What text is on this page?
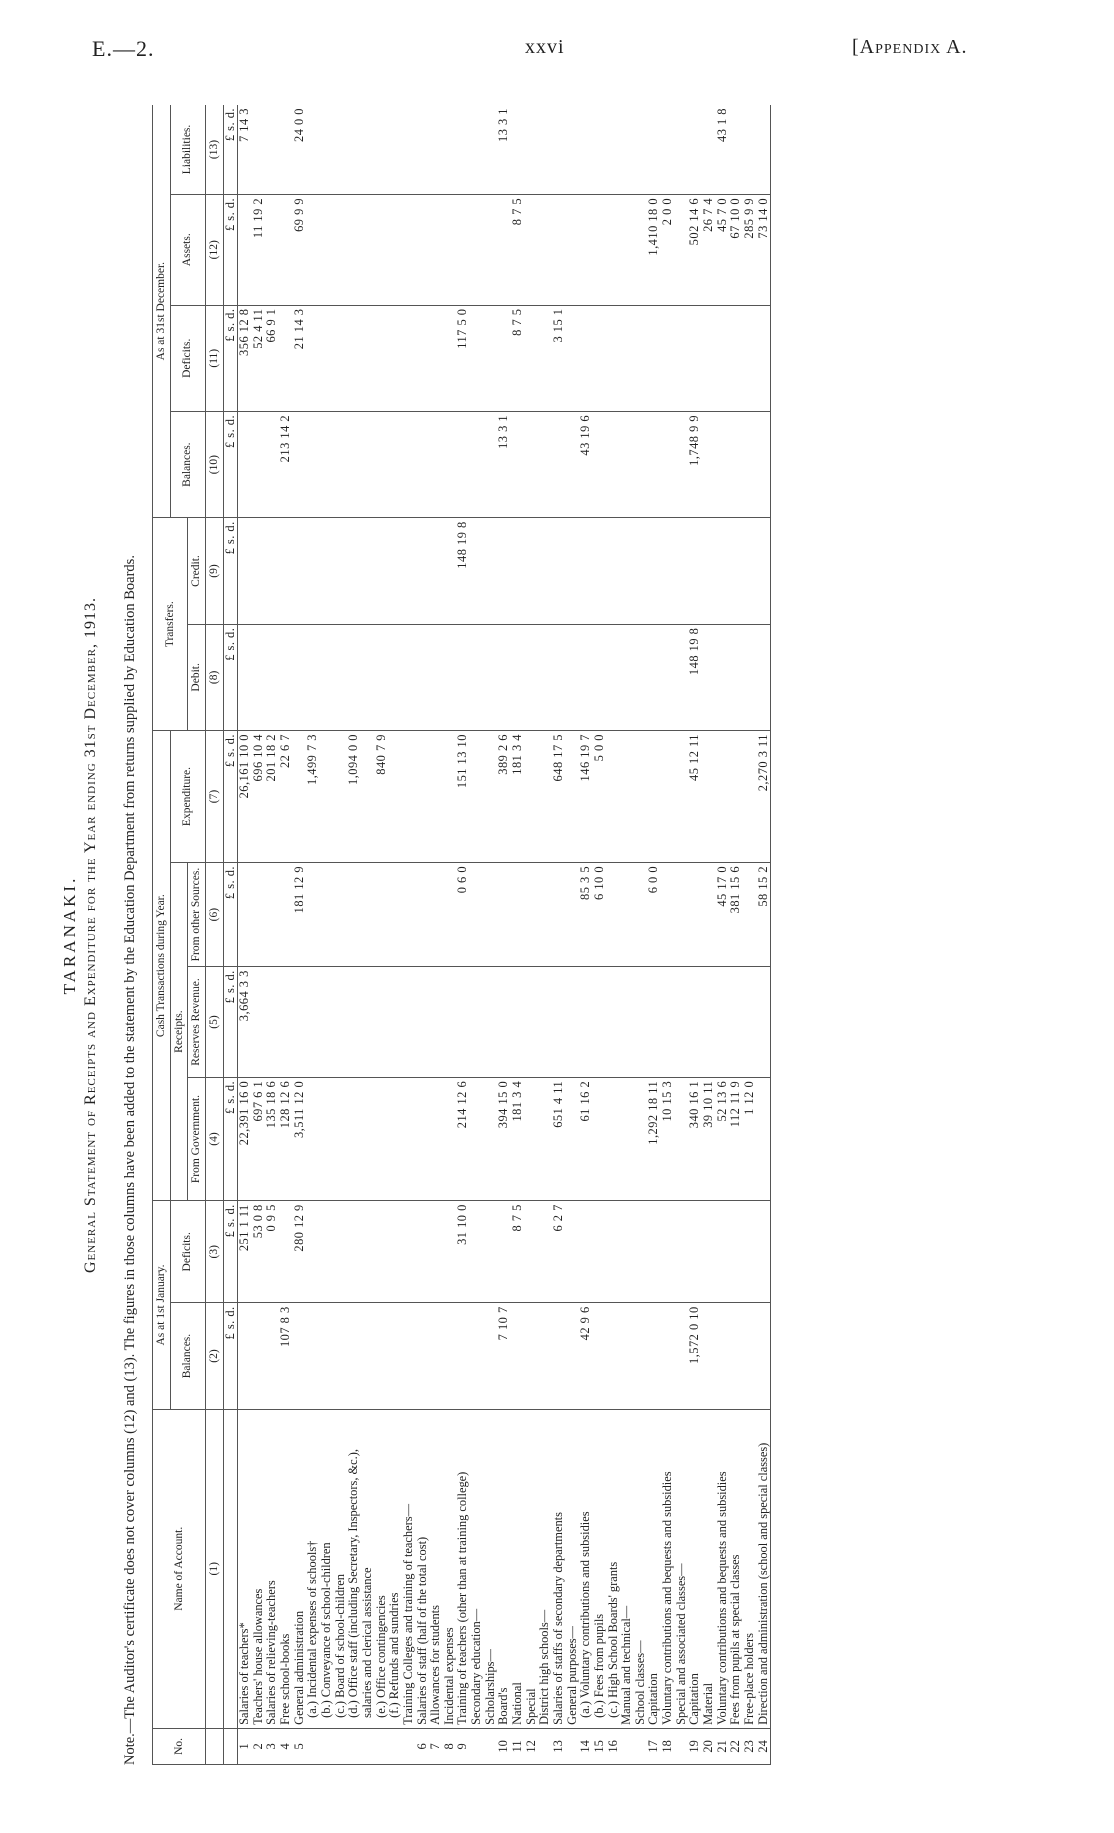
E.—2.	xxvi	[Appendix A.
TARANAKI. General Statement of Receipts and Expenditure for the Year ending 31st December, 1913. Note.—The Auditor's certificate does not cover columns (12) and (13). The figures in those columns have been added to the statement by the Education Department from returns supplied by Education Boards.	No.	Name of Account.	As at 1st January.		Cash Transactions during Year.				Transfers.		As at 31st December.			
		Balances.	Deficits.	Receipts.			Expenditure.			Balances.	Deficits.	Assets.	Liabilities.
				From Government.	Reserves Revenue.	From other Sources.		Debit.	Credit.				
	(1)	(2)	(3)	(4)	(5)	(6)	(7)	(8)	(9)	(10)	(11)	(12)	(13)
		£ s. d.	£ s. d.	£ s. d.	£ s. d.	£ s. d.	£ s. d.	£ s. d.	£ s. d.	£ s. d.	£ s. d.	£ s. d.	£ s. d.
1	Salaries of teachers*		251 1 11	22,391 16 0	3,664 3 3		26,161 10 0				356 12 8		7 14 3
2	Teachers' house allowances		53 0 8	697 6 1			696 10 4				52 4 11	11 19 2	
3	Salaries of relieving-teachers		0 9 5	135 18 6			201 18 2				66 9 1		
4	Free school-books	107 8 3		128 12 6			22 6 7			213 14 2			
5	General administration		280 12 9	3,511 12 0		181 12 9					21 14 3	69 9 9	24 0 0
	(a.) Incidental expenses of schools†						1,499 7 3						
	(b.) Conveyance of school-children												
	(c.) Board of school-children												
	(d.) Office staff (including Secretary, Inspectors, &c.), salaries and clerical assistance						1,094 0 0						
	(e.) Office contingencies						840 7 9						
	(f.) Refunds and sundries												
	Training Colleges and training of teachers—												
6	Salaries of staff (half of the total cost)												
7	Allowances for students												
8	Incidental expenses												
9	Training of teachers (other than at training college)		31 10 0	214 12 6		0 6 0	151 13 10		148 19 8		117 5 0		
	Secondary education—												
	Scholarships—												
10	Board's	7 10 7		394 15 0			389 2 6			13 3 1			13 3 1
11	National		8 7 5	181 3 4			181 3 4				8 7 5	8 7 5	
12	Special												
	District high schools—												
13	Salaries of staffs of secondary departments		6 2 7	651 4 11			648 17 5				3 15 1		
	General purposes—												
14	(a.) Voluntary contributions and subsidies	42 9 6		61 16 2		85 3 5	146 19 7			43 19 6			
15	(b.) Fees from pupils					6 10 0	5 0 0						
16	(c.) High School Boards' grants												
	Manual and technical—												
	School classes—												
17	Capitation			1,292 18 11		6 0 0						1,410 18 0	
18	Voluntary contributions and bequests and subsidies			10 15 3								2 0 0	
	Special and associated classes—												
19	Capitation	1,572 0 10		340 16 1			45 12 11	148 19 8		1,748 9 9		502 14 6	
20	Material			39 10 11								26 7 4	
21	Voluntary contributions and bequests and subsidies			52 13 6		45 17 0						45 7 0	43 1 8
22	Fees from pupils at special classes			112 11 9		381 15 6						67 10 0	
23	Free-place holders			1 12 0								285 9 9	
24	Direction and administration (school and special classes)					58 15 2	2,270 3 11					73 14 0	
